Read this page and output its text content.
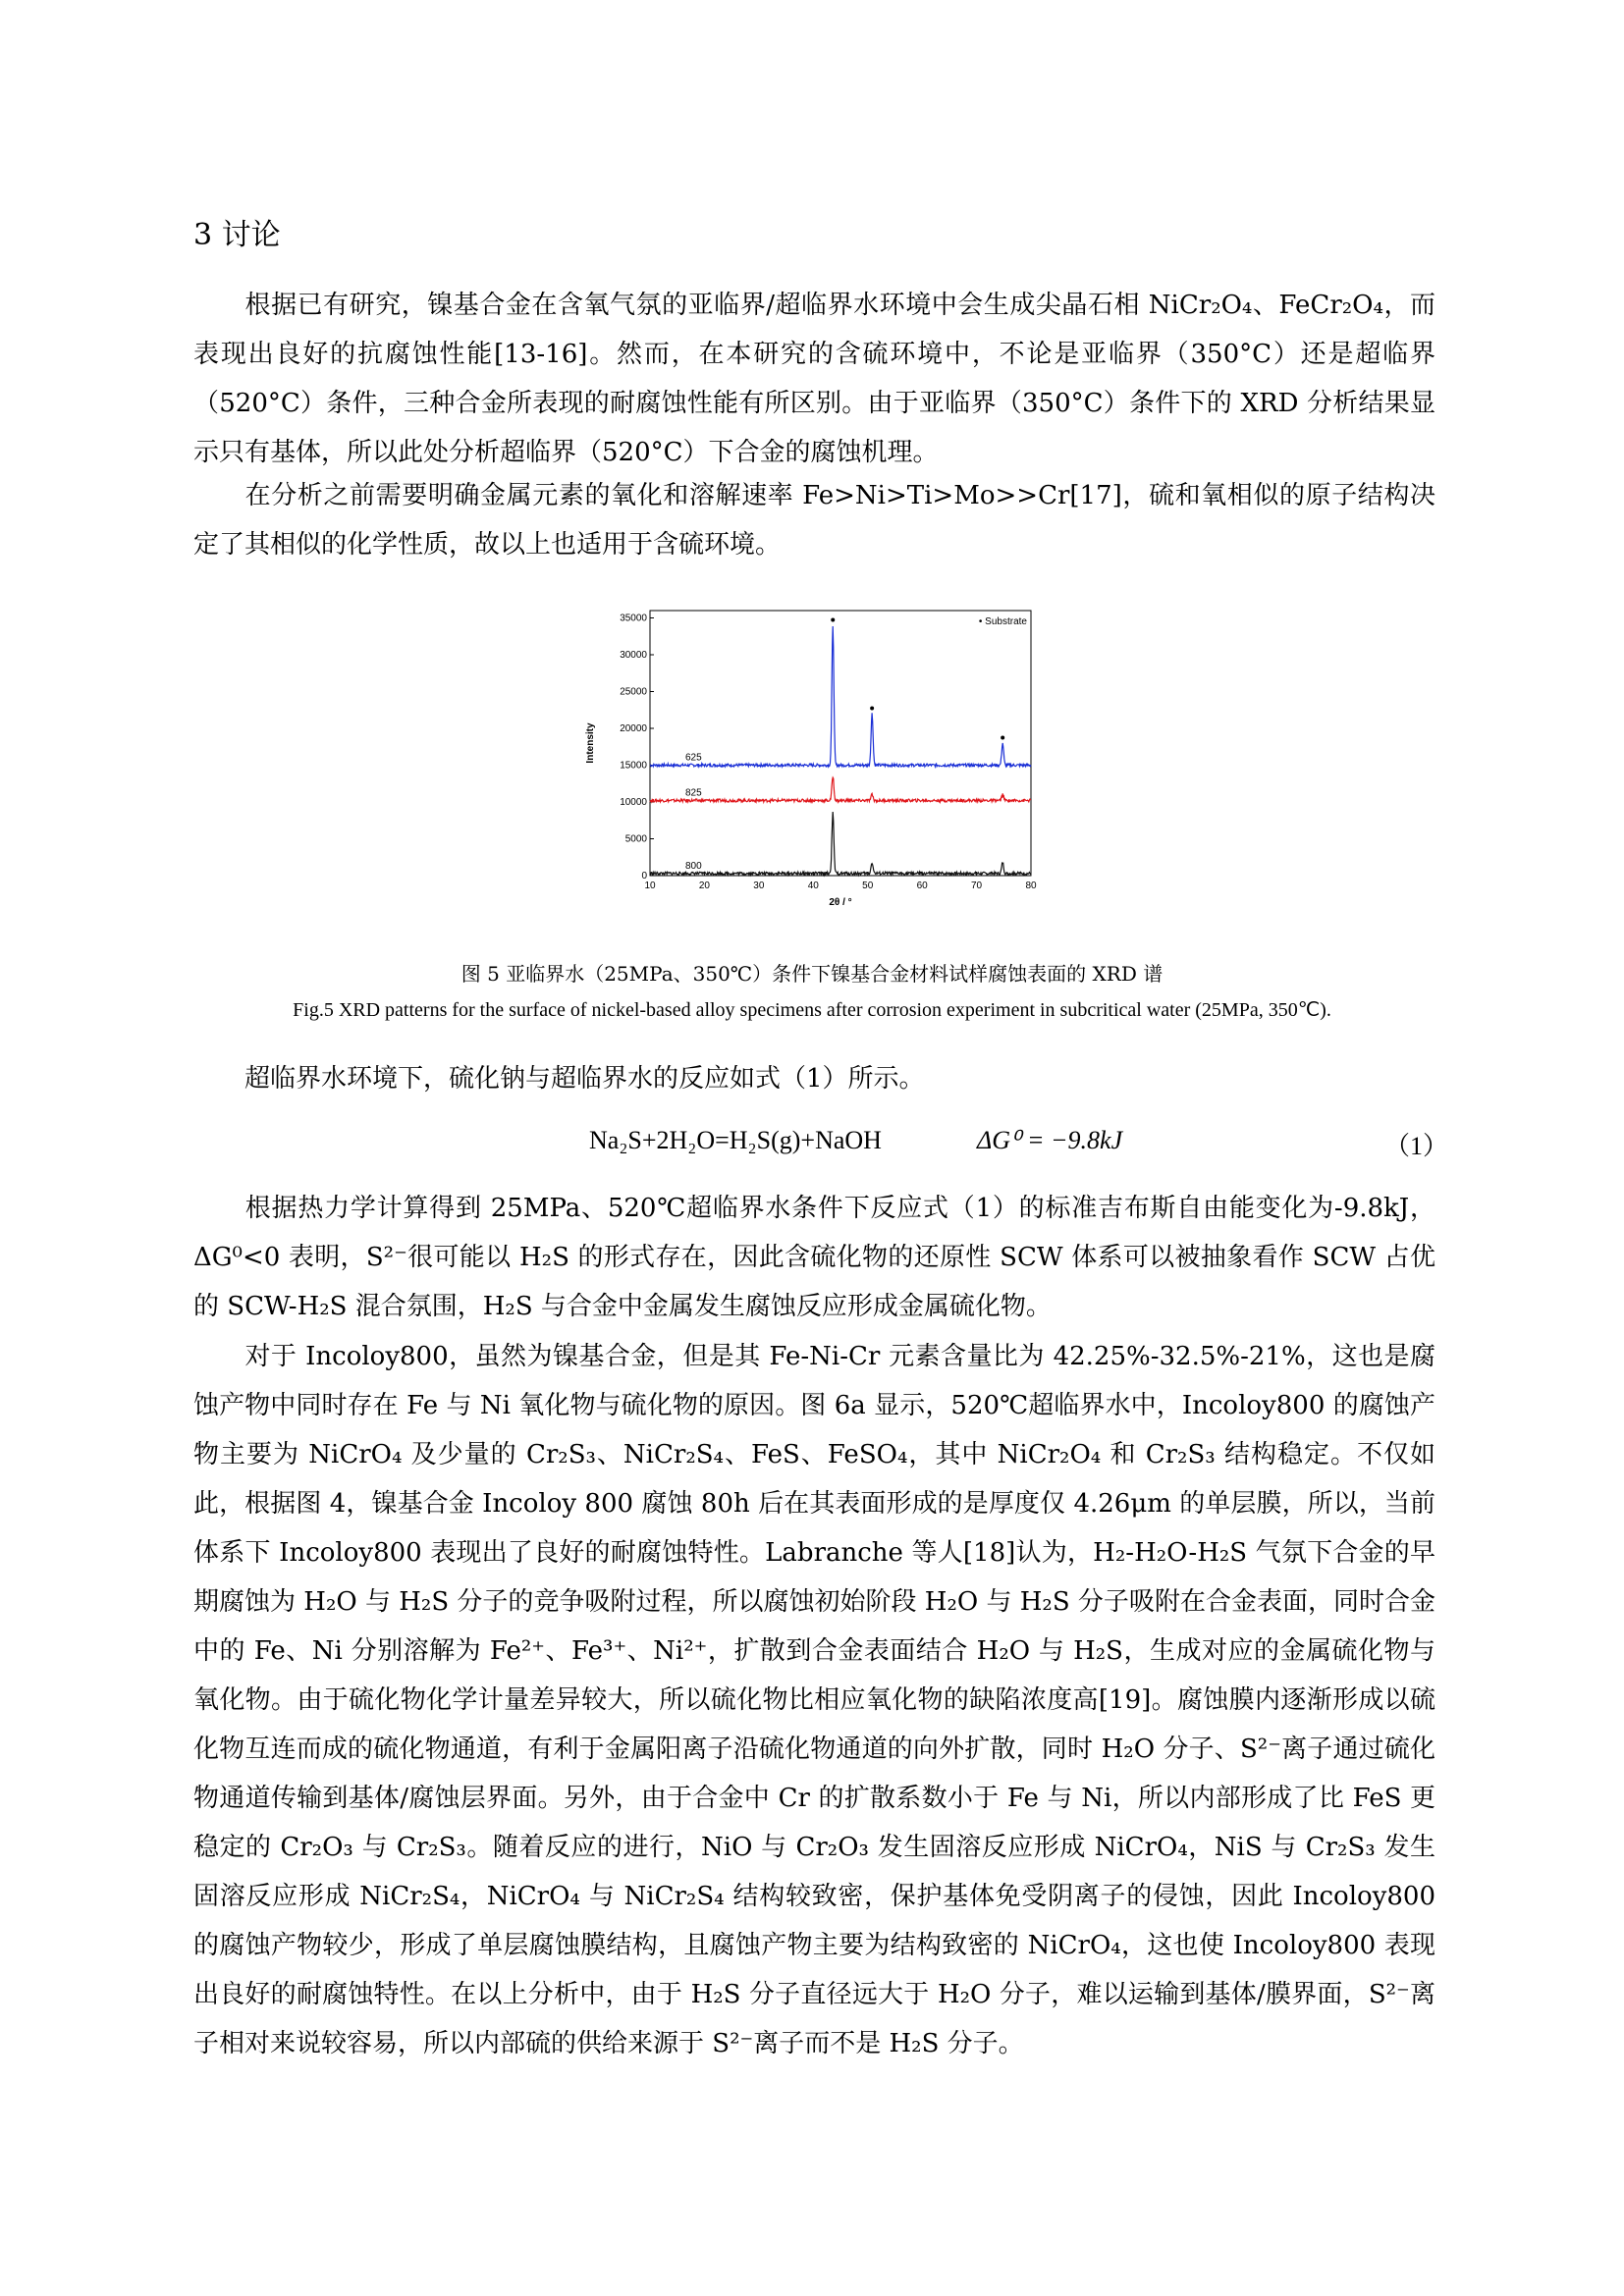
3 讨论

根据已有研究，镍基合金在含氧气氛的亚临界/超临界水环境中会生成尖晶石相 NiCr₂O₄、FeCr₂O₄，而表现出良好的抗腐蚀性能[13-16]。然而，在本研究的含硫环境中，不论是亚临界（350°C）还是超临界（520°C）条件，三种合金所表现的耐腐蚀性能有所区别。由于亚临界（350°C）条件下的 XRD 分析结果显示只有基体，所以此处分析超临界（520°C）下合金的腐蚀机理。

在分析之前需要明确金属元素的氧化和溶解速率 Fe>Ni>Ti>Mo>>Cr[17]，硫和氧相似的原子结构决定了其相似的化学性质，故以上也适用于含硫环境。

10	20	30	40	50	60	70	80
0
5000
10000
15000
20000
25000
30000
35000
2θ / °
Intensity	625
825
800
• Substrate
图 5 亚临界水（25MPa、350℃）条件下镍基合金材料试样腐蚀表面的 XRD 谱
Fig.5 XRD patterns for the surface of nickel-based alloy specimens after corrosion experiment in subcritical water (25MPa, 350℃).

超临界水环境下，硫化钠与超临界水的反应如式（1）所示。

Na₂S+2H₂O=H₂S(g)+NaOH	ΔG⁰ = −9.8kJ	（1）

根据热力学计算得到 25MPa、520℃超临界水条件下反应式（1）的标准吉布斯自由能变化为-9.8kJ，ΔG⁰<0 表明，S²⁻很可能以 H₂S 的形式存在，因此含硫化物的还原性 SCW 体系可以被抽象看作 SCW 占优的 SCW-H₂S 混合氛围，H₂S 与合金中金属发生腐蚀反应形成金属硫化物。

对于 Incoloy800，虽然为镍基合金，但是其 Fe-Ni-Cr 元素含量比为 42.25%-32.5%-21%，这也是腐蚀产物中同时存在 Fe 与 Ni 氧化物与硫化物的原因。图 6a 显示，520℃超临界水中，Incoloy800 的腐蚀产物主要为 NiCrO₄ 及少量的 Cr₂S₃、NiCr₂S₄、FeS、FeSO₄，其中 NiCr₂O₄ 和 Cr₂S₃ 结构稳定。不仅如此，根据图 4，镍基合金 Incoloy 800 腐蚀 80h 后在其表面形成的是厚度仅 4.26μm 的单层膜，所以，当前体系下 Incoloy800 表现出了良好的耐腐蚀特性。Labranche 等人[18]认为，H₂-H₂O-H₂S 气氛下合金的早期腐蚀为 H₂O 与 H₂S 分子的竞争吸附过程，所以腐蚀初始阶段 H₂O 与 H₂S 分子吸附在合金表面，同时合金中的 Fe、Ni 分别溶解为 Fe²⁺、Fe³⁺、Ni²⁺，扩散到合金表面结合 H₂O 与 H₂S，生成对应的金属硫化物与氧化物。由于硫化物化学计量差异较大，所以硫化物比相应氧化物的缺陷浓度高[19]。腐蚀膜内逐渐形成以硫化物互连而成的硫化物通道，有利于金属阳离子沿硫化物通道的向外扩散，同时 H₂O 分子、S²⁻离子通过硫化物通道传输到基体/腐蚀层界面。另外，由于合金中 Cr 的扩散系数小于 Fe 与 Ni，所以内部形成了比 FeS 更稳定的 Cr₂O₃ 与 Cr₂S₃。随着反应的进行，NiO 与 Cr₂O₃ 发生固溶反应形成 NiCrO₄，NiS 与 Cr₂S₃ 发生固溶反应形成 NiCr₂S₄，NiCrO₄ 与 NiCr₂S₄ 结构较致密，保护基体免受阴离子的侵蚀，因此 Incoloy800 的腐蚀产物较少，形成了单层腐蚀膜结构，且腐蚀产物主要为结构致密的 NiCrO₄，这也使 Incoloy800 表现出良好的耐腐蚀特性。在以上分析中，由于 H₂S 分子直径远大于 H₂O 分子，难以运输到基体/膜界面，S²⁻离子相对来说较容易，所以内部硫的供给来源于 S²⁻离子而不是 H₂S 分子。
